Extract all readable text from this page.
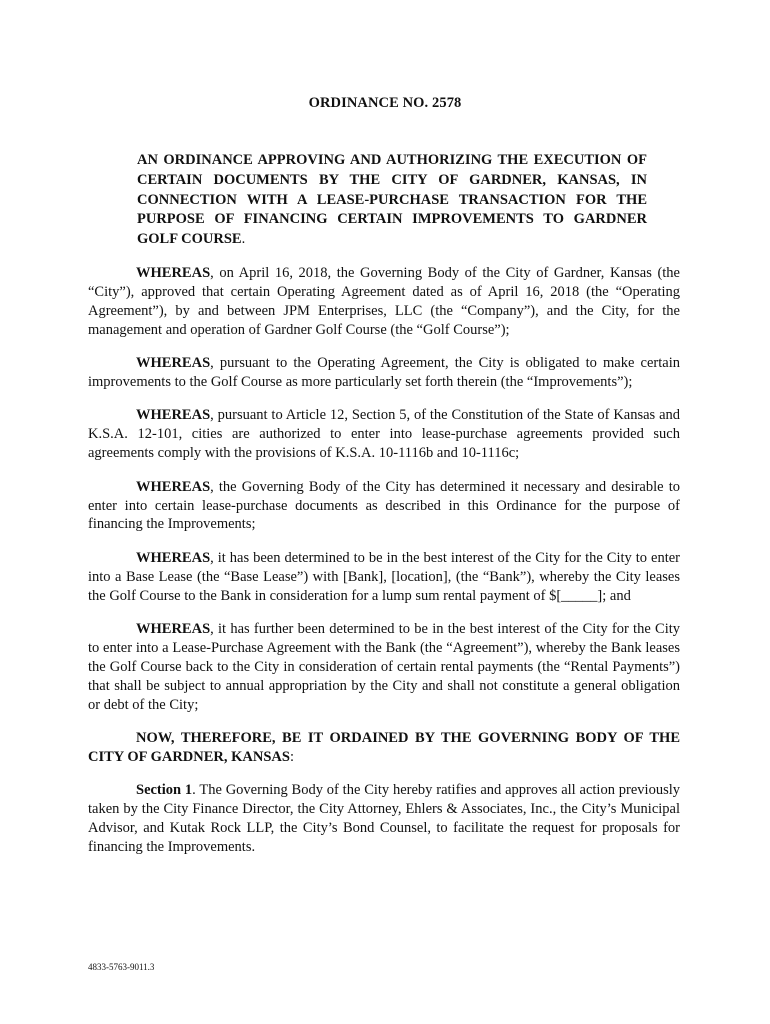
ORDINANCE NO. 2578
AN ORDINANCE APPROVING AND AUTHORIZING THE EXECUTION OF CERTAIN DOCUMENTS BY THE CITY OF GARDNER, KANSAS, IN CONNECTION WITH A LEASE-PURCHASE TRANSACTION FOR THE PURPOSE OF FINANCING CERTAIN IMPROVEMENTS TO GARDNER GOLF COURSE.

WHEREAS, on April 16, 2018, the Governing Body of the City of Gardner, Kansas (the “City”), approved that certain Operating Agreement dated as of April 16, 2018 (the “Operating Agreement”), by and between JPM Enterprises, LLC (the “Company”), and the City, for the management and operation of Gardner Golf Course (the “Golf Course”);

WHEREAS, pursuant to the Operating Agreement, the City is obligated to make certain improvements to the Golf Course as more particularly set forth therein (the “Improvements”);

WHEREAS, pursuant to Article 12, Section 5, of the Constitution of the State of Kansas and K.S.A. 12-101, cities are authorized to enter into lease-purchase agreements provided such agreements comply with the provisions of K.S.A. 10-1116b and 10-1116c;

WHEREAS, the Governing Body of the City has determined it necessary and desirable to enter into certain lease-purchase documents as described in this Ordinance for the purpose of financing the Improvements;

WHEREAS, it has been determined to be in the best interest of the City for the City to enter into a Base Lease (the “Base Lease”) with [Bank], [location], (the “Bank”), whereby the City leases the Golf Course to the Bank in consideration for a lump sum rental payment of $[_____]; and

WHEREAS, it has further been determined to be in the best interest of the City for the City to enter into a Lease-Purchase Agreement with the Bank (the “Agreement”), whereby the Bank leases the Golf Course back to the City in consideration of certain rental payments (the “Rental Payments”) that shall be subject to annual appropriation by the City and shall not constitute a general obligation or debt of the City;

NOW, THEREFORE, BE IT ORDAINED BY THE GOVERNING BODY OF THE CITY OF GARDNER, KANSAS:

Section 1. The Governing Body of the City hereby ratifies and approves all action previously taken by the City Finance Director, the City Attorney, Ehlers & Associates, Inc., the City’s Municipal Advisor, and Kutak Rock LLP, the City’s Bond Counsel, to facilitate the request for proposals for financing the Improvements.

4833-5763-9011.3
